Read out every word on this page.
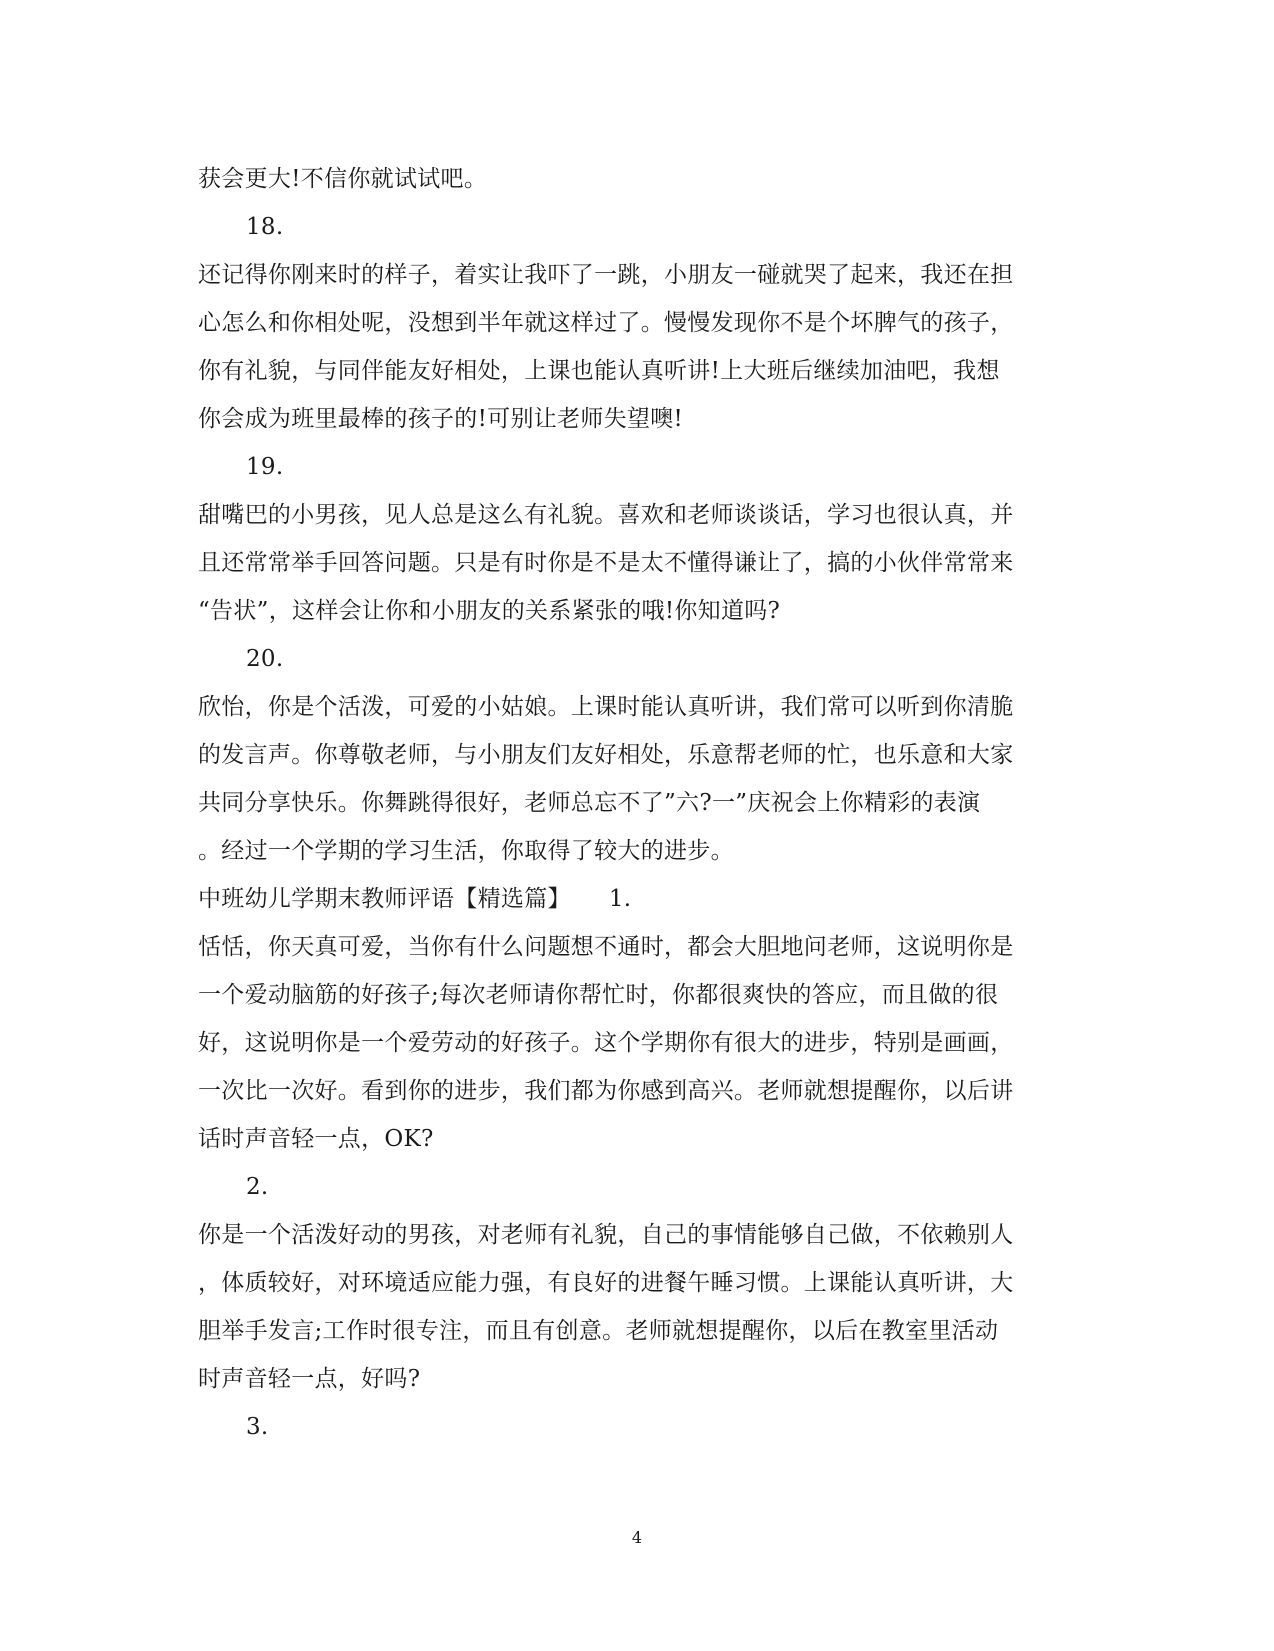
获会更大!不信你就试试吧。
18.
还记得你刚来时的样子，着实让我吓了一跳，小朋友一碰就哭了起来，我还在担
心怎么和你相处呢，没想到半年就这样过了。慢慢发现你不是个坏脾气的孩子，
你有礼貌，与同伴能友好相处，上课也能认真听讲!上大班后继续加油吧，我想
你会成为班里最棒的孩子的!可别让老师失望噢!
19.
甜嘴巴的小男孩，见人总是这么有礼貌。喜欢和老师谈谈话，学习也很认真，并
且还常常举手回答问题。只是有时你是不是太不懂得谦让了，搞的小伙伴常常来
“告状”，这样会让你和小朋友的关系紧张的哦!你知道吗?
20.
欣怡，你是个活泼，可爱的小姑娘。上课时能认真听讲，我们常可以听到你清脆
的发言声。你尊敬老师，与小朋友们友好相处，乐意帮老师的忙，也乐意和大家
共同分享快乐。你舞跳得很好，老师总忘不了”六?一”庆祝会上你精彩的表演
。经过一个学期的学习生活，你取得了较大的进步。
中班幼儿学期末教师评语【精选篇】 1.
恬恬，你天真可爱，当你有什么问题想不通时，都会大胆地问老师，这说明你是
一个爱动脑筋的好孩子;每次老师请你帮忙时，你都很爽快的答应，而且做的很
好，这说明你是一个爱劳动的好孩子。这个学期你有很大的进步，特别是画画，
一次比一次好。看到你的进步，我们都为你感到高兴。老师就想提醒你，以后讲
话时声音轻一点，OK?
2.
你是一个活泼好动的男孩，对老师有礼貌，自己的事情能够自己做，不依赖别人
，体质较好，对环境适应能力强，有良好的进餐午睡习惯。上课能认真听讲，大
胆举手发言;工作时很专注，而且有创意。老师就想提醒你，以后在教室里活动
时声音轻一点，好吗?
3.
4
